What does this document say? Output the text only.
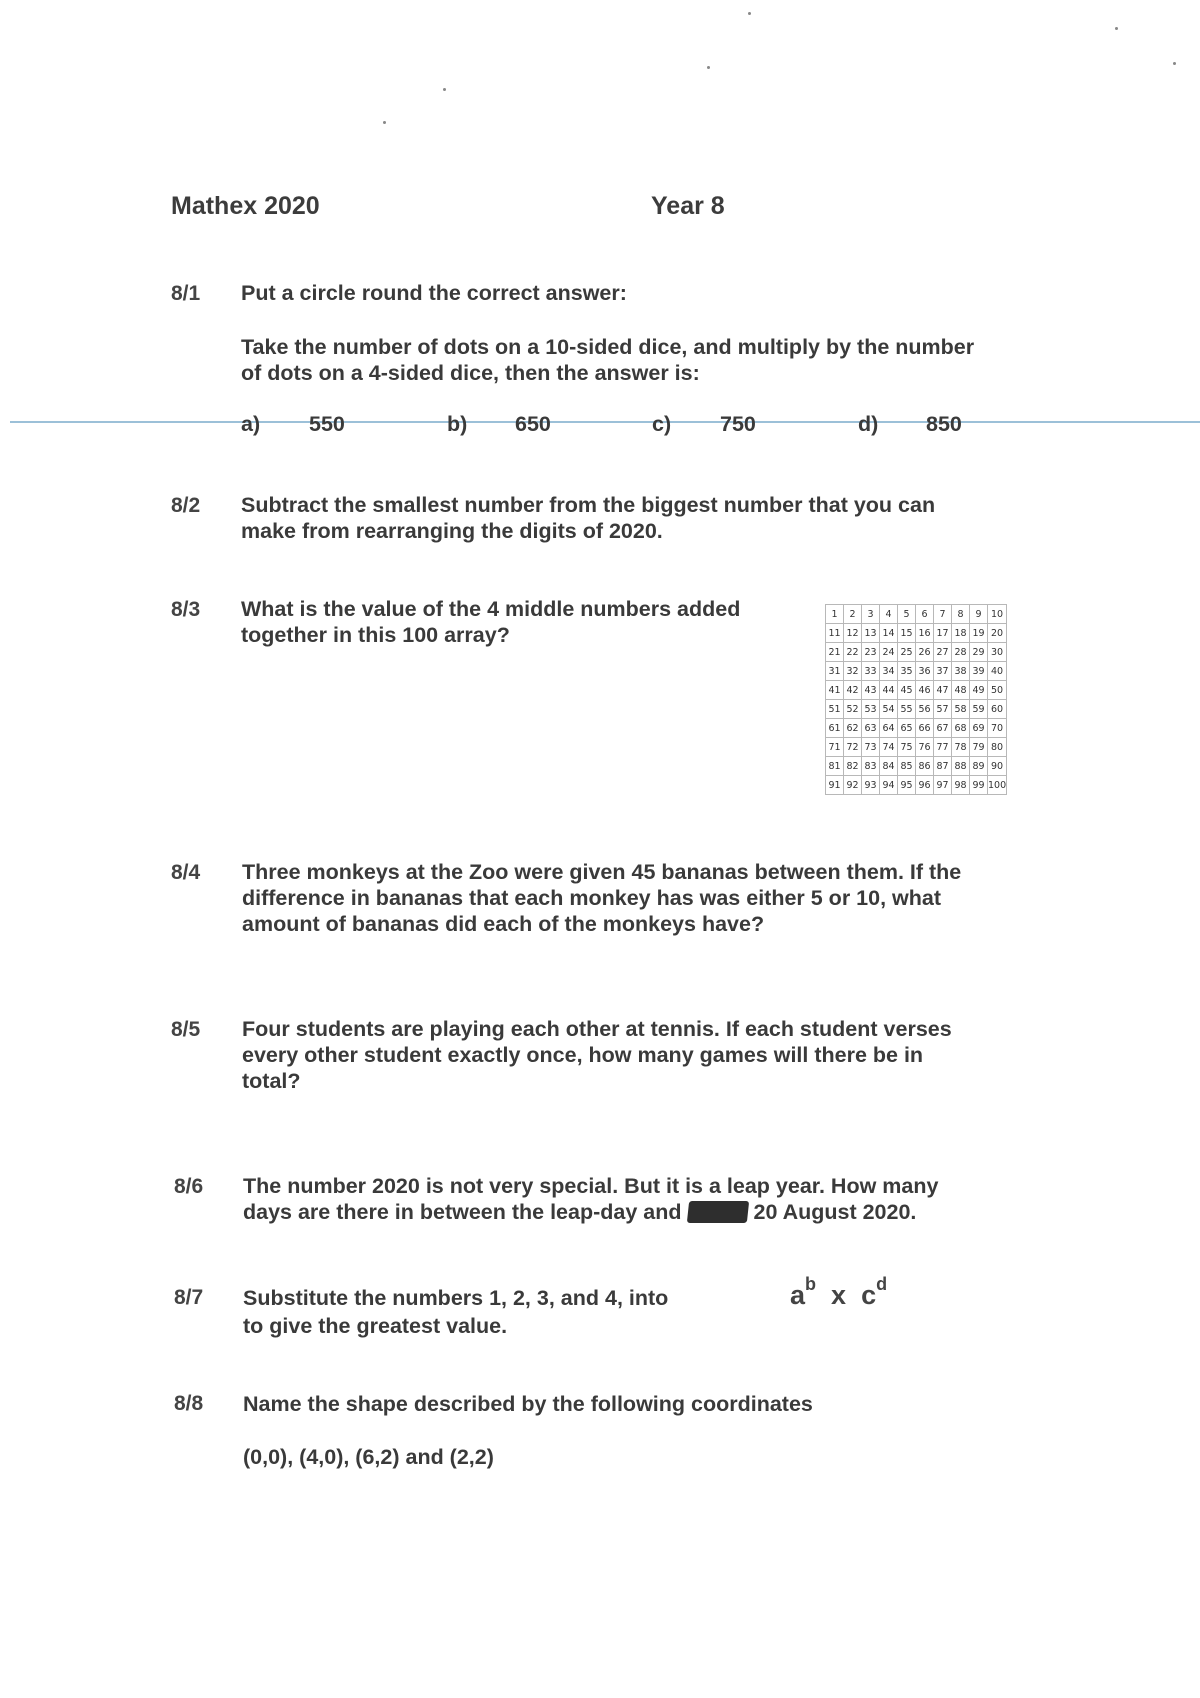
Mathex 2020	Year 8
8/1 Put a circle round the correct answer:
Take the number of dots on a 10-sided dice, and multiply by the number
of dots on a 4-sided dice, then the answer is:
a) 550	b) 650	c) 750	d) 850
8/2 Subtract the smallest number from the biggest number that you can
make from rearranging the digits of 2020.
8/3 What is the value of the 4 middle numbers added
together in this 100 array?
1	2	3	4	5	6	7	8	9	10
11	12	13	14	15	16	17	18	19	20
21	22	23	24	25	26	27	28	29	30
31	32	33	34	35	36	37	38	39	40
41	42	43	44	45	46	47	48	49	50
51	52	53	54	55	56	57	58	59	60
61	62	63	64	65	66	67	68	69	70
71	72	73	74	75	76	77	78	79	80
81	82	83	84	85	86	87	88	89	90
91	92	93	94	95	96	97	98	99	100
8/4 Three monkeys at the Zoo were given 45 bananas between them. If the
difference in bananas that each monkey has was either 5 or 10, what
amount of bananas did each of the monkeys have?
8/5 Four students are playing each other at tennis. If each student verses
every other student exactly once, how many games will there be in
total?
8/6 The number 2020 is not very special. But it is a leap year. How many
days are there in between the leap-day and	20 August 2020.
8/7 Substitute the numbers 1, 2, 3, and 4, into
to give the greatest value.
$a^b$ x $c^d$
8/8 Name the shape described by the following coordinates
(0,0), (4,0), (6,2) and (2,2)
